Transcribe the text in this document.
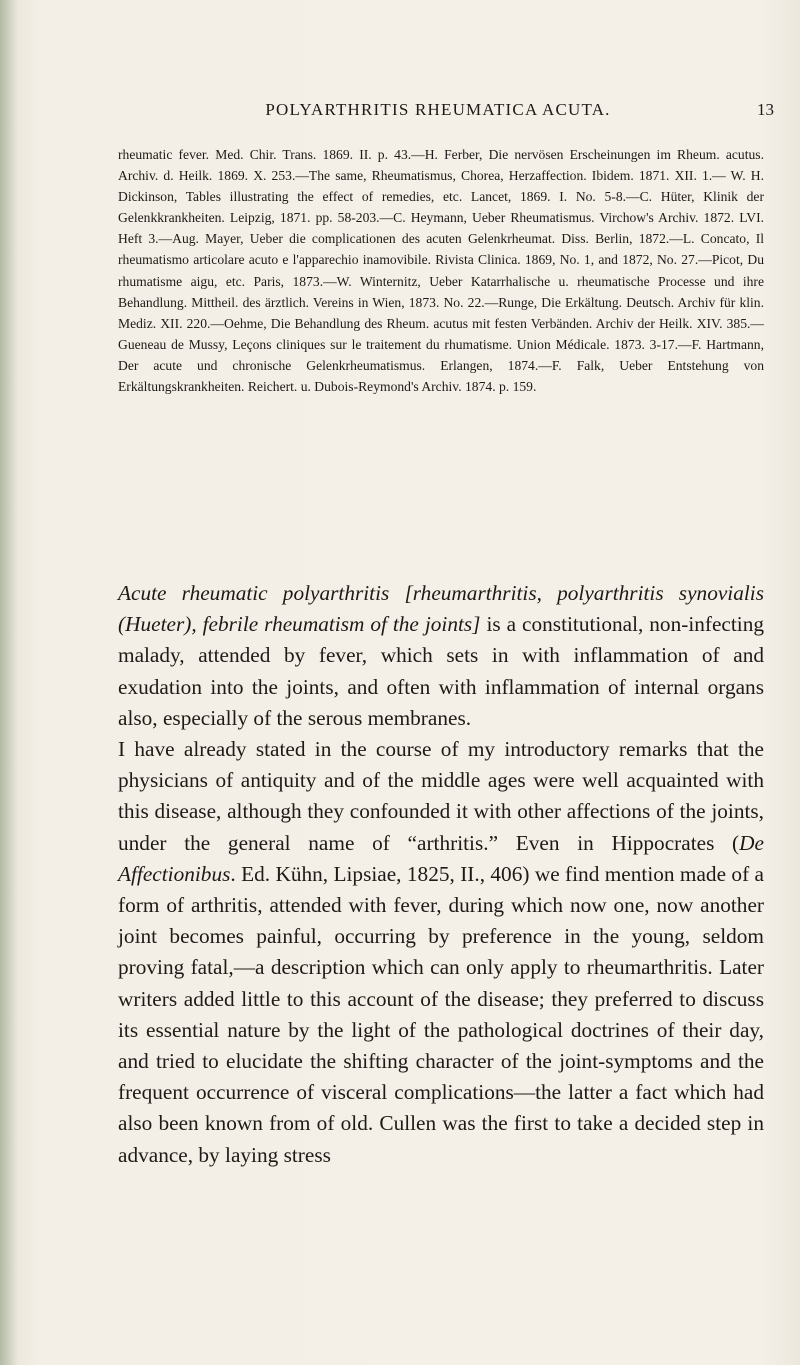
POLYARTHRITIS RHEUMATICA ACUTA.	13

rheumatic fever. Med. Chir. Trans. 1869. II. p. 43.—H. Ferber, Die nervösen Erscheinungen im Rheum. acutus. Archiv. d. Heilk. 1869. X. 253.—The same, Rheumatismus, Chorea, Herzaffection. Ibidem. 1871. XII. 1.— W. H. Dickinson, Tables illustrating the effect of remedies, etc. Lancet, 1869. I. No. 5-8.—C. Hüter, Klinik der Gelenkkrankheiten. Leipzig, 1871. pp. 58-203.—C. Heymann, Ueber Rheumatismus. Virchow's Archiv. 1872. LVI. Heft 3.—Aug. Mayer, Ueber die complicationen des acuten Gelenkrheumat. Diss. Berlin, 1872.—L. Concato, Il rheumatismo articolare acuto e l'apparechio inamovibile. Rivista Clinica. 1869, No. 1, and 1872, No. 27.—Picot, Du rhumatisme aigu, etc. Paris, 1873.—W. Winternitz, Ueber Katarrhalische u. rheumatische Processe und ihre Behandlung. Mittheil. des ärztlich. Vereins in Wien, 1873. No. 22.—Runge, Die Erkältung. Deutsch. Archiv für klin. Mediz. XII. 220.—Oehme, Die Behandlung des Rheum. acutus mit festen Verbänden. Archiv der Heilk. XIV. 385.—Gueneau de Mussy, Leçons cliniques sur le traitement du rhumatisme. Union Médicale. 1873. 3-17.—F. Hartmann, Der acute und chronische Gelenkrheumatismus. Erlangen, 1874.—F. Falk, Ueber Entstehung von Erkältungskrankheiten. Reichert. u. Dubois-Reymond's Archiv. 1874. p. 159.

Acute rheumatic polyarthritis [rheumarthritis, polyarthritis synovialis (Hueter), febrile rheumatism of the joints] is a constitutional, non-infecting malady, attended by fever, which sets in with inflammation of and exudation into the joints, and often with inflammation of internal organs also, especially of the serous membranes.

I have already stated in the course of my introductory remarks that the physicians of antiquity and of the middle ages were well acquainted with this disease, although they confounded it with other affections of the joints, under the general name of “arthritis.” Even in Hippocrates (De Affectionibus. Ed. Kühn, Lipsiae, 1825, II., 406) we find mention made of a form of arthritis, attended with fever, during which now one, now another joint becomes painful, occurring by preference in the young, seldom proving fatal,—a description which can only apply to rheumarthritis. Later writers added little to this account of the disease; they preferred to discuss its essential nature by the light of the pathological doctrines of their day, and tried to elucidate the shifting character of the joint-symptoms and the frequent occurrence of visceral complications—the latter a fact which had also been known from of old. Cullen was the first to take a decided step in advance, by laying stress
